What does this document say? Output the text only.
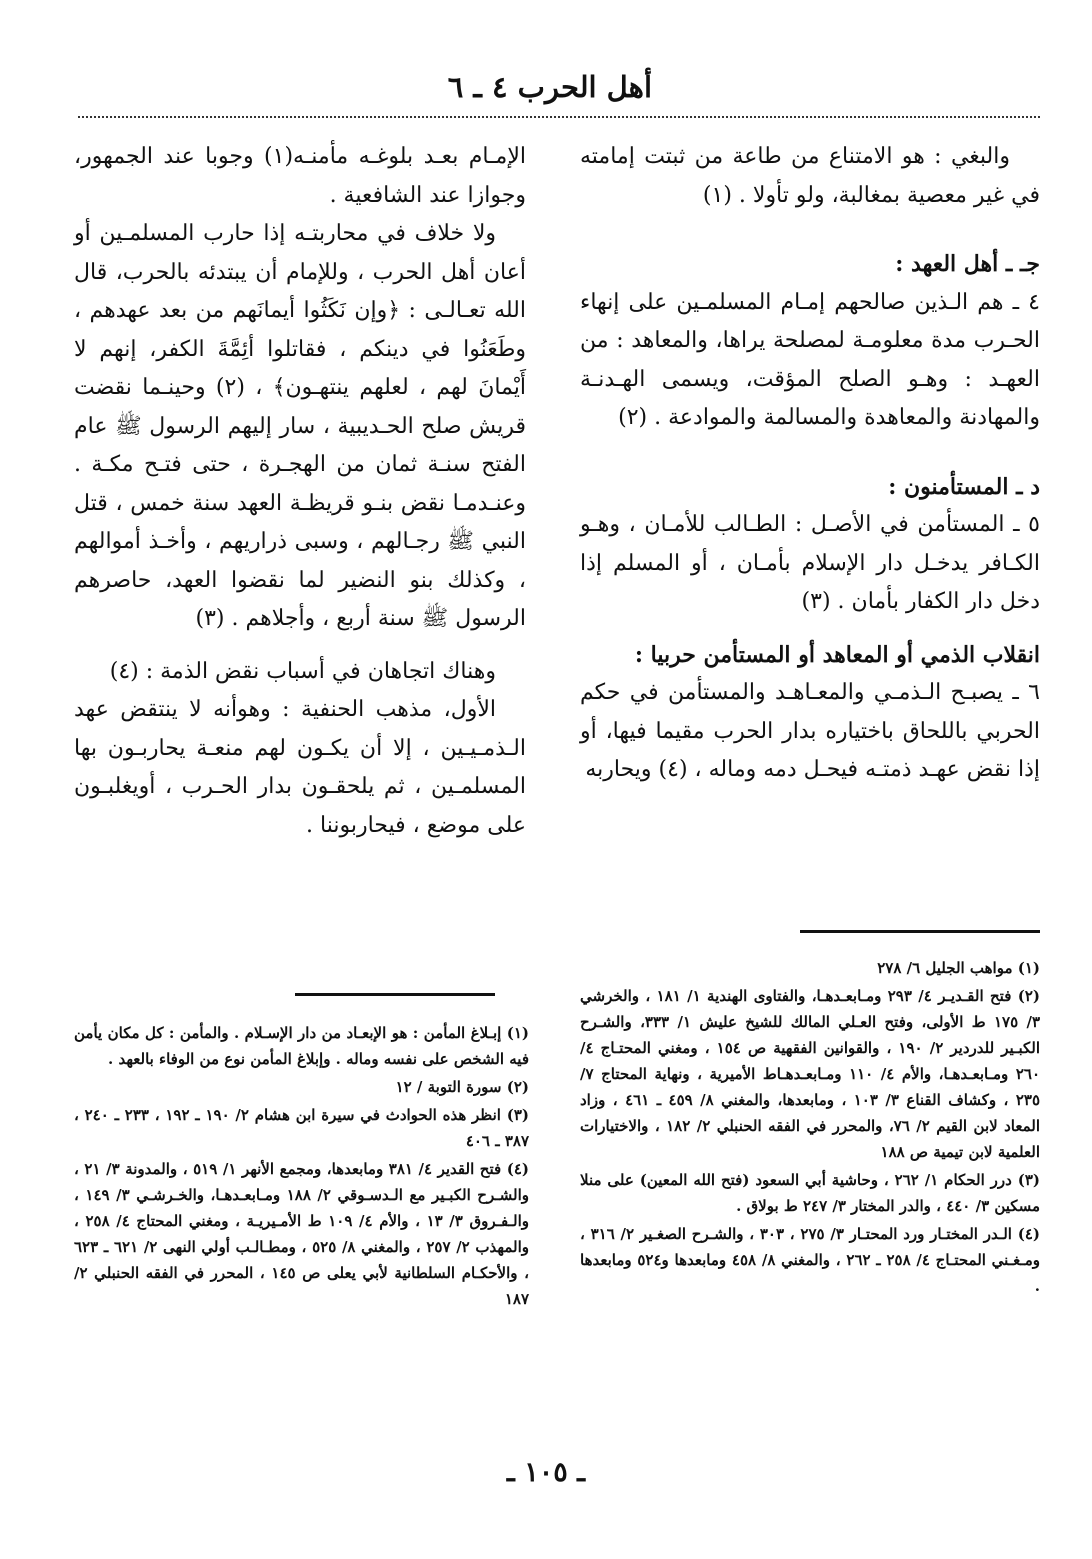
أهل الحرب ٤ ـ ٦

والبغي : هو الامتناع من طاعة من ثبتت إمامته في غير معصية بمغالبة، ولو تأولا . (١)

جـ ـ أهل العهد :

٤ ـ هم الـذين صالحهم إمـام المسلمـين على إنهاء الحـرب مدة معلومـة لمصلحة يراها، والمعاهد : من العهـد : وهـو الصلح المؤقت، ويسمى الهـدنـة والمهادنة والمعاهدة والمسالمة والموادعة . (٢)

د ـ المستأمنون :

٥ ـ المستأمن في الأصـل : الطـالب للأمـان ، وهـو الكـافر يدخـل دار الإسلام بأمـان ، أو المسلم إذا دخل دار الكفار بأمان . (٣)

انقلاب الذمي أو المعاهد أو المستأمن حربيا :

٦ ـ يصبـح الـذمـي والمعـاهـد والمستأمن في حكم الحربي باللحاق باختياره بدار الحرب مقيما فيها، أو إذا نقض عهـد ذمتـه فيحـل دمه وماله ، (٤) ويحاربه

الإمـام بعـد بلوغـه مأمنـه(١) وجوبا عند الجمهور، وجوازا عند الشافعية .

ولا خلاف في محاربتـه إذا حارب المسلمـين أو أعان أهل الحرب ، وللإمام أن يبتدئه بالحرب، قال الله تعـالـى : ﴿وإن نَكَثُوا أيمانَهم من بعد عهدهم ، وطَعَنُوا في دينكم ، فقاتلوا أئِمَّةَ الكفر، إنهم لا أَيْمانَ لهم ، لعلهم ينتهـون﴾ ، (٢) وحينـما نقضت قريش صلح الحـديبية ، سار إليهم الرسول ﷺ عام الفتح سنـة ثمان من الهجـرة ، حتى فتـح مكـة . وعنـدمـا نقض بنـو قريظـة العهد سنة خمس ، قتل النبي ﷺ رجـالهم ، وسبى ذراريهم ، وأخـذ أموالهم ، وكذلك بنو النضير لما نقضوا العهد، حاصرهم الرسول ﷺ سنة أربع ، وأجلاهم . (٣)

وهناك اتجاهان في أسباب نقض الذمة : (٤)

الأول، مذهب الحنفية : وهوأنه لا ينتقض عهد الـذمـيـين ، إلا أن يكـون لهم منعـة يحاربـون بها المسلمـين ، ثم يلحقـون بدار الحـرب ، أويغلبـون على موضع ، فيحاربوننا .

(١) مواهب الجليل ٦/ ٢٧٨

(٢) فتح القـديـر ٤/ ٢٩٣ ومـابعـدهـا، والفتاوى الهندية ١/ ١٨١ ، والخرشي ٣/ ١٧٥ ط الأولى، وفتح العـلي المالك للشيخ عليش ١/ ٣٣٣، والشـرح الكبـير للدردير ٢/ ١٩٠ ، والقوانين الفقهية ص ١٥٤ ، ومغني المحتـاج ٤/ ٢٦٠ ومـابعـدهـا، والأم ٤/ ١١٠ ومـابعـدهـاط الأميرية ، ونهاية المحتاج ٧/ ٢٣٥ ، وكشاف القناع ٣/ ١٠٣ ، ومابعدها، والمغني ٨/ ٤٥٩ ـ ٤٦١ ، وزاد المعاد لابن القيم ٢/ ٧٦، والمحرر في الفقه الحنبلي ٢/ ١٨٢ ، والاختيارات العلمية لابن تيمية ص ١٨٨

(٣) درر الحكام ١/ ٢٦٢ ، وحاشية أبي السعود (فتح الله المعين) على منلا مسكين ٣/ ٤٤٠ ، والدر المختار ٣/ ٢٤٧ ط بولاق .

(٤) الـدر المختـار ورد المحتـار ٣/ ٢٧٥ ، ٣٠٣ ، والشـرح الصغـير ٢/ ٣١٦ ، ومـغـني المحتـاج ٤/ ٢٥٨ ـ ٢٦٢ ، والمغني ٨/ ٤٥٨ ومابعدها و٥٢٤ ومابعدها .

(١) إبـلاغ المأمن : هو الإبعـاد من دار الإسـلام . والمأمن : كل مكان يأمن فيه الشخص على نفسه وماله . وإبلاغ المأمن نوع من الوفاء بالعهد .

(٢) سورة التوبة / ١٢

(٣) انظر هذه الحوادث في سيرة ابن هشام ٢/ ١٩٠ ـ ١٩٢ ، ٢٣٣ ـ ٢٤٠ ، ٣٨٧ ـ ٤٠٦

(٤) فتح القدير ٤/ ٣٨١ ومابعدها، ومجمع الأنهر ١/ ٥١٩ ، والمدونة ٣/ ٢١ ، والشـرح الكبـير مع الـدسـوقي ٢/ ١٨٨ ومـابعـدهـا، والخـرشـي ٣/ ١٤٩ ، والـفـروق ٣/ ١٣ ، والأم ٤/ ١٠٩ ط الأمـيريـة ، ومغني المحتاج ٤/ ٢٥٨ ، والمهذب ٢/ ٢٥٧ ، والمغني ٨/ ٥٢٥ ، ومطـالـب أولي النهى ٢/ ٦٢١ ـ ٦٢٣ ، والأحكـام السلطانية لأبي يعلى ص ١٤٥ ، المحرر في الفقه الحنبلي ٢/ ١٨٧

ـ ١٠٥ ـ
